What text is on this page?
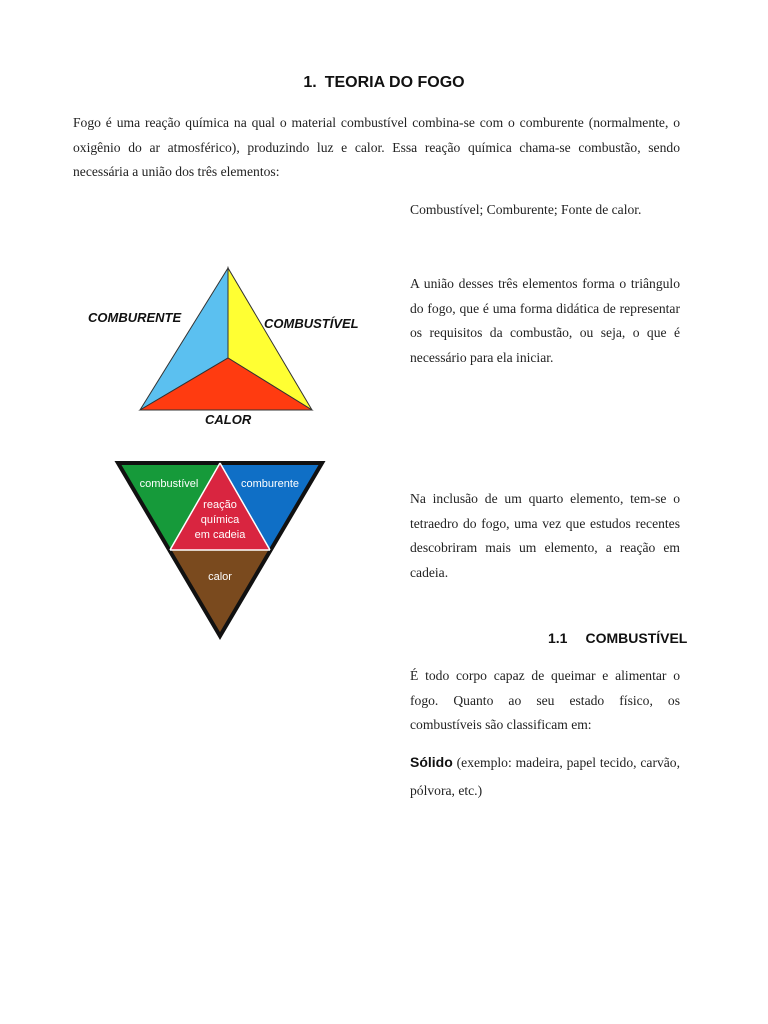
1. TEORIA DO FOGO

Fogo é uma reação química na qual o material combustível combina-se com o comburente (normalmente, o oxigênio do ar atmosférico), produzindo luz e calor. Essa reação química chama-se combustão, sendo necessária a união dos três elementos:

Combustível; Comburente; Fonte de calor.

A união desses três elementos forma o triângulo do fogo, que é uma forma didática de representar os requisitos da combustão, ou seja, o que é necessário para ela iniciar.

Na inclusão de um quarto elemento, tem-se o tetraedro do fogo, uma vez que estudos recentes descobriram mais um elemento, a reação em cadeia.

1.1 COMBUSTÍVEL

É todo corpo capaz de queimar e alimentar o fogo. Quanto ao seu estado físico, os combustíveis são classificam em:

Sólido (exemplo: madeira, papel tecido, carvão, pólvora, etc.)

COMBURENTE	COMBUSTÍVEL
CALOR
combustível	comburente
reação
química
em cadeia
calor
